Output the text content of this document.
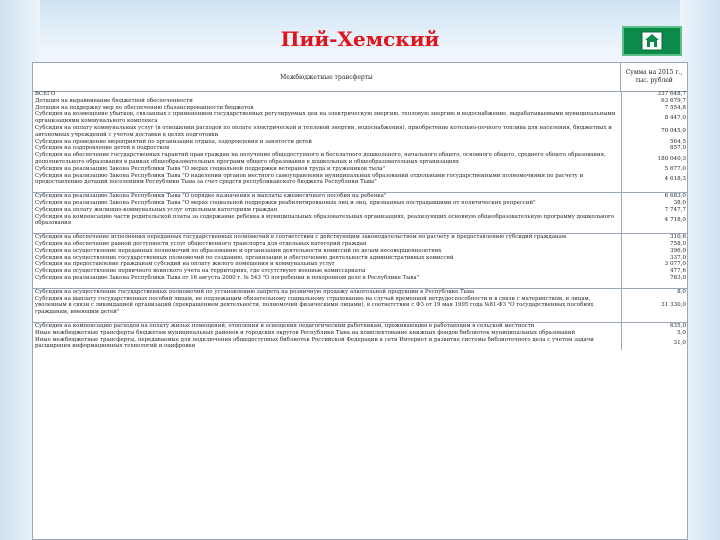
Пий-Хемский
Межбюджетные трансферты
Сумма на 2015 г., тыс. рублей
ВСЕГО	337 648,7
Дотация на выравнивание бюджетной обеспеченности	63 679,7
Дотация на поддержку мер по обеспечению сбалансированности бюджетов	7 554,8
Субсидия на возмещение убытков, связанных с применением государственных регулируемых цен на электрическую энергию, тепловую энергию и водоснабжение, вырабатываемыми муниципальными организациями коммунального комплекса	8 447,0
Субсидия на оплату коммунальных услуг (в отношении расходов по оплате электрической и тепловой энергии, водоснабжения), приобретение котельно-печного топлива для населения, бюджетных и автономных учреждений с учетом доставки в целях подготовки	70 045,0
Субсидия на проведение мероприятий по организации отдыха, оздоровления и занятости детей	564,5
Субсидия на оздоровление детей в подростков	857,0
Субсидия на обеспечение государственных гарантий прав граждан на получение общедоступного и бесплатного дошкольного, начального общего, основного общего, среднего общего образования, дополнительного образования в рамках общеобразовательных программ общего образования в дошкольных и общеобразовательных организациях	180 040,3
Субсидия на реализацию Закона Республики Тыва "О мерах социальной поддержки ветеранов труда и тружеников тыла"	5 677,0
Субсидия на реализацию Закона Республики Тыва "О наделении органов местного самоуправления муниципальных образований отдельными государственными полномочиями по расчету и предоставлению дотаций поселениям Республики Тыва за счет средств республиканского бюджета Республики Тыва"	4 618,3

Субсидия на реализацию Закона Республики Тыва "О порядке назначения и выплаты ежемесячного пособия на ребенка"	6 683,0
Субсидия на реализацию Закона Республики Тыва "О мерах социальной поддержки реабилитированных лиц и лиц, признанных пострадавшими от политических репрессий"	38,0
Субсидия на оплату жилищно-коммунальных услуг отдельным категориям граждан	7 747,7
Субсидия на компенсацию части родительской платы за содержание ребенка в муниципальных образовательных организациях, реализующих основную общеобразовательную программу дошкольного образования	4 718,0

Субсидия на обеспечение исполнения переданных государственных полномочий в соответствии с действующим законодательством по расчету и предоставлению субсидий гражданам	310,6
Субсидия на обеспечение равной доступности услуг общественного транспорта для отдельных категорий граждан	758,0
Субсидия на осуществление переданных полномочий по образованию и организации деятельности комиссий по делам несовершеннолетних	396,0
Субсидия на осуществление государственных полномочий по созданию, организации и обеспечению деятельности административных комиссий	337,0
Субсидия на предоставление гражданам субсидий на оплату жилого помещения и коммунальных услуг	3 077,0
Субсидия на осуществление первичного воинского учета на территориях, где отсутствуют военные комиссариаты	477,6
Субсидия на реализацию Закона Республики Тыва от 16 августа 2000 г. № 543 "О погребении и похоронном деле в Республике Тыва"	783,0

Субсидия на осуществление государственных полномочий по установлению запрета на розничную продажу алкогольной продукции в Республике Тыва	8,0
Субсидия на выплату государственных пособий лицам, не подлежащим обязательному социальному страхованию на случай временной нетрудоспособности и в связи с материнством, и лицам, уволенным в связи с ликвидацией организаций (прекращением деятельности, полномочий физическими лицами), в соответствии с ФЗ от 19 мая 1995 года №81-ФЗ "О государственных пособиях гражданам, имеющим детей"	31 330,0

Субсидия на компенсацию расходов на оплату жилых помещений, отопления и освещения педагогическим работникам, проживающим в работающим в сельской местности	635,0
Иные межбюджетные трансферты бюджетам муниципальных районов и городских округов Республики Тыва на комплектование книжных фондов библиотек муниципальных образований	5,0
Иные межбюджетные трансферты, передаваемые для подключения общедоступных библиотек Российской Федерации к сети Интернет и развитие системы библиотечного дела с учетом задачи расширения информационных технологий и оцифровки	31,0
